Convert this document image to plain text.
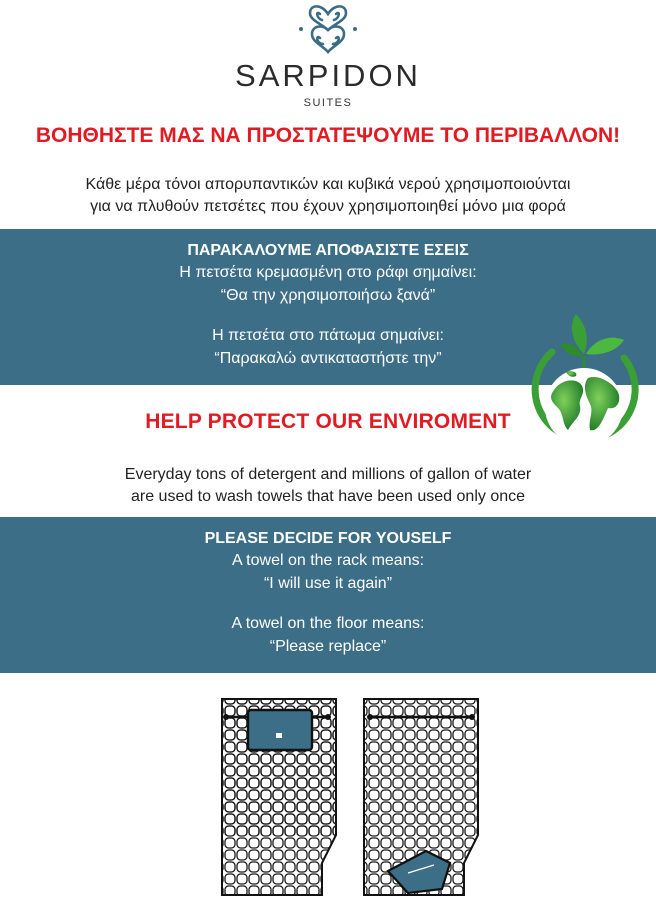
SARPIDON
SUITES
ΒΟΗΘΗΣΤΕ ΜΑΣ ΝΑ ΠΡΟΣΤΑΤΕΨΟΥΜΕ ΤΟ ΠΕΡΙΒΑΛΛΟΝ!
Κάθε μέρα τόνοι απορυπαντικών και κυβικά νερού χρησιμοποιούνται
για να πλυθούν πετσέτες που έχουν χρησιμοποιηθεί μόνο μια φορά
ΠΑΡΑΚΑΛΟΥΜΕ ΑΠΟΦΑΣΙΣΤΕ ΕΣΕΙΣ
Η πετσέτα κρεμασμένη στο ράφι σημαίνει:
“Θα την χρησιμοποιήσω ξανά”
Η πετσέτα στο πάτωμα σημαίνει:
“Παρακαλώ αντικαταστήστε την”
HELP PROTECT OUR ENVIROMENT
Everyday tons of detergent and millions of gallon of water
are used to wash towels that have been used only once
PLEASE DECIDE FOR YOUSELF
A towel on the rack means:
“I will use it again”
A towel on the floor means:
“Please replace”
